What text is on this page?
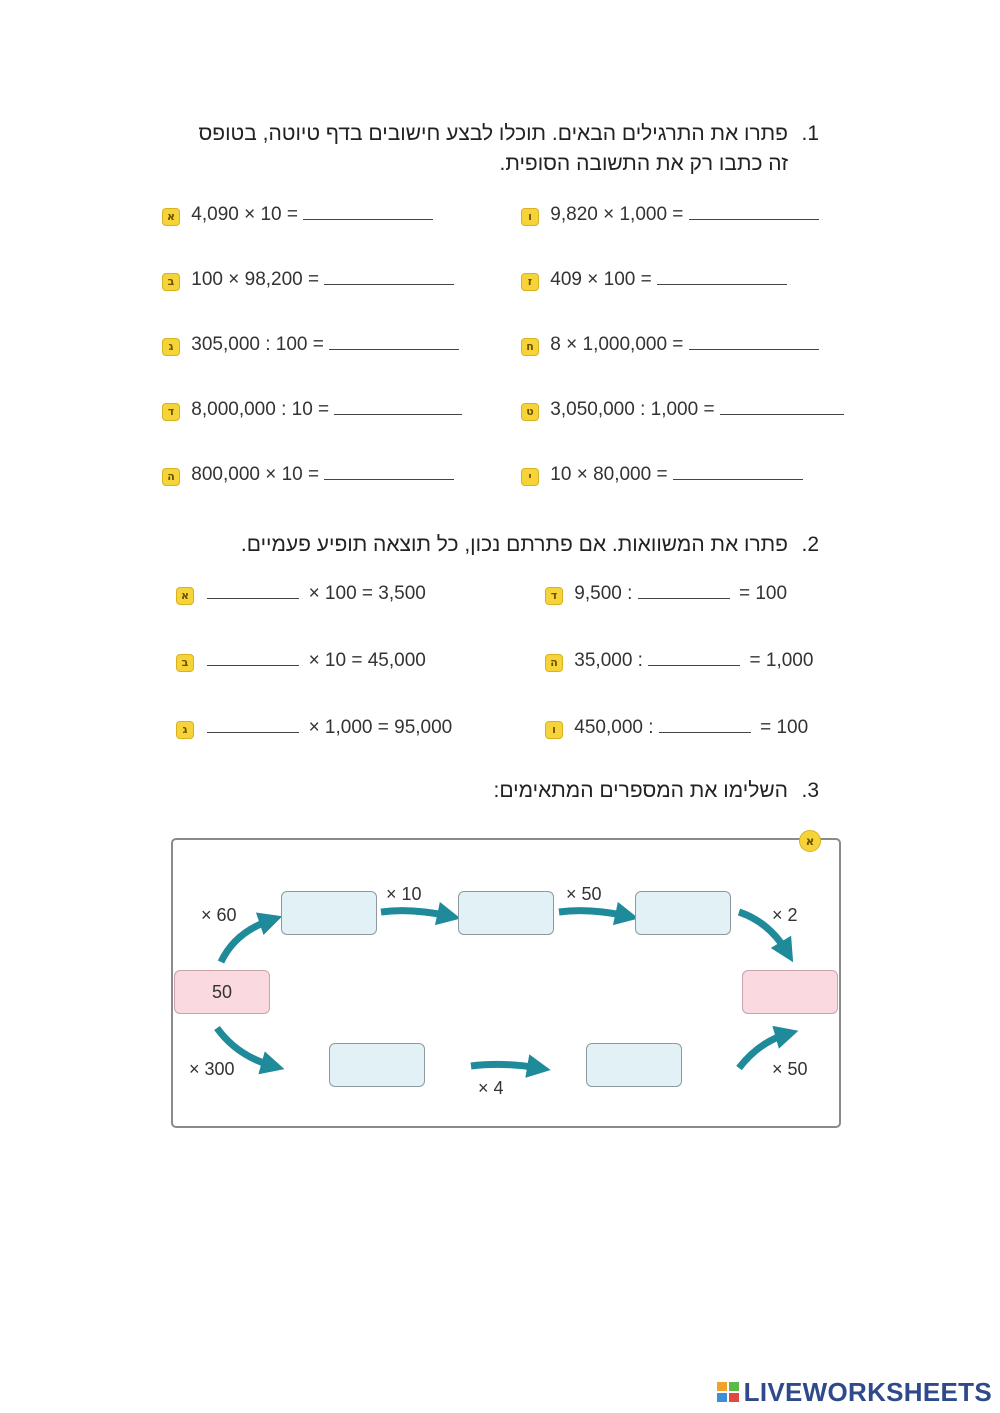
1.
פתרו את התרגילים הבאים. תוכלו לבצע חישובים בדף טיוטה, בטופס
זה כתבו רק את התשובה הסופית.
א 4,090 × 10 =
ב 100 × 98,200 =
ג 305,000 : 100 =
ד 8,000,000 : 10 =
ה 800,000 × 10 =
ו 9,820 × 1,000 =
ז 409 × 100 =
ח 8 × 1,000,000 =
ט 3,050,000 : 1,000 =
י 10 × 80,000 =
2.
פתרו את המשוואות. אם פתרתם נכון, כל תוצאה תופיע פעמיים.
א	× 100 = 3,500
ב	× 10 = 45,000
ג	× 1,000 = 95,000
ד 9,500 :	= 100
ה 35,000 :	= 1,000
ו 450,000 :	= 100
3.
השלימו את המספרים המתאימים:
א
50
× 60
× 10	× 50
× 2
× 300
× 4
× 50
LIVEWORKSHEETS
